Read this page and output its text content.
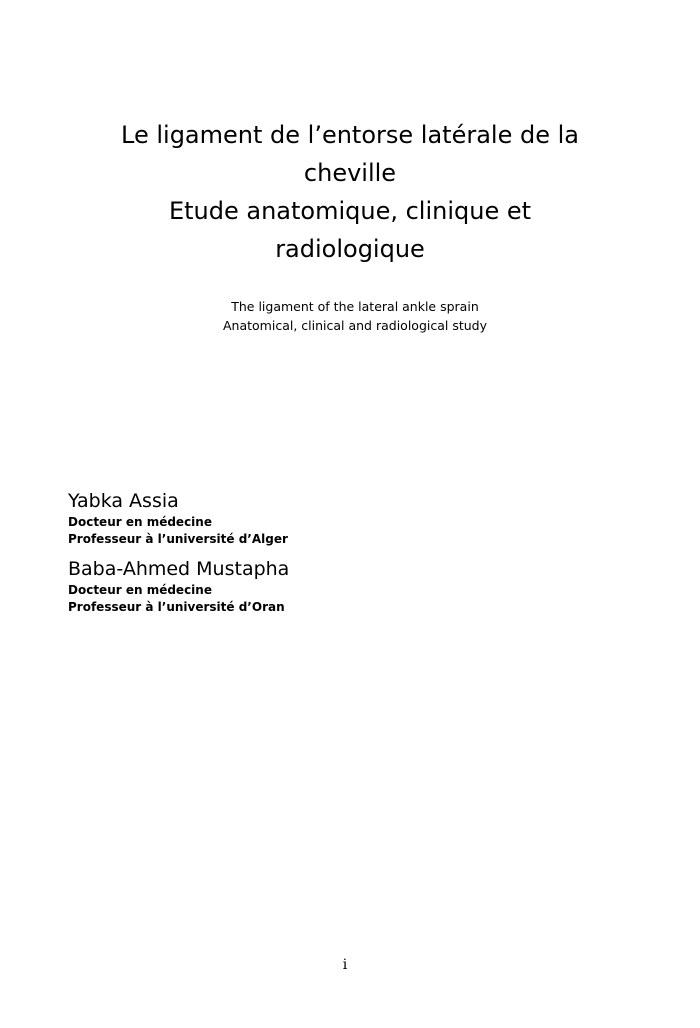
Le ligament de l’entorse latérale de la
cheville
Etude anatomique, clinique et
radiologique
The ligament of the lateral ankle sprain
Anatomical, clinical and radiological study
Yabka Assia
Docteur en médecine
Professeur à l’université d’Alger
Baba-Ahmed Mustapha
Docteur en médecine
Professeur à l’université d’Oran
i
